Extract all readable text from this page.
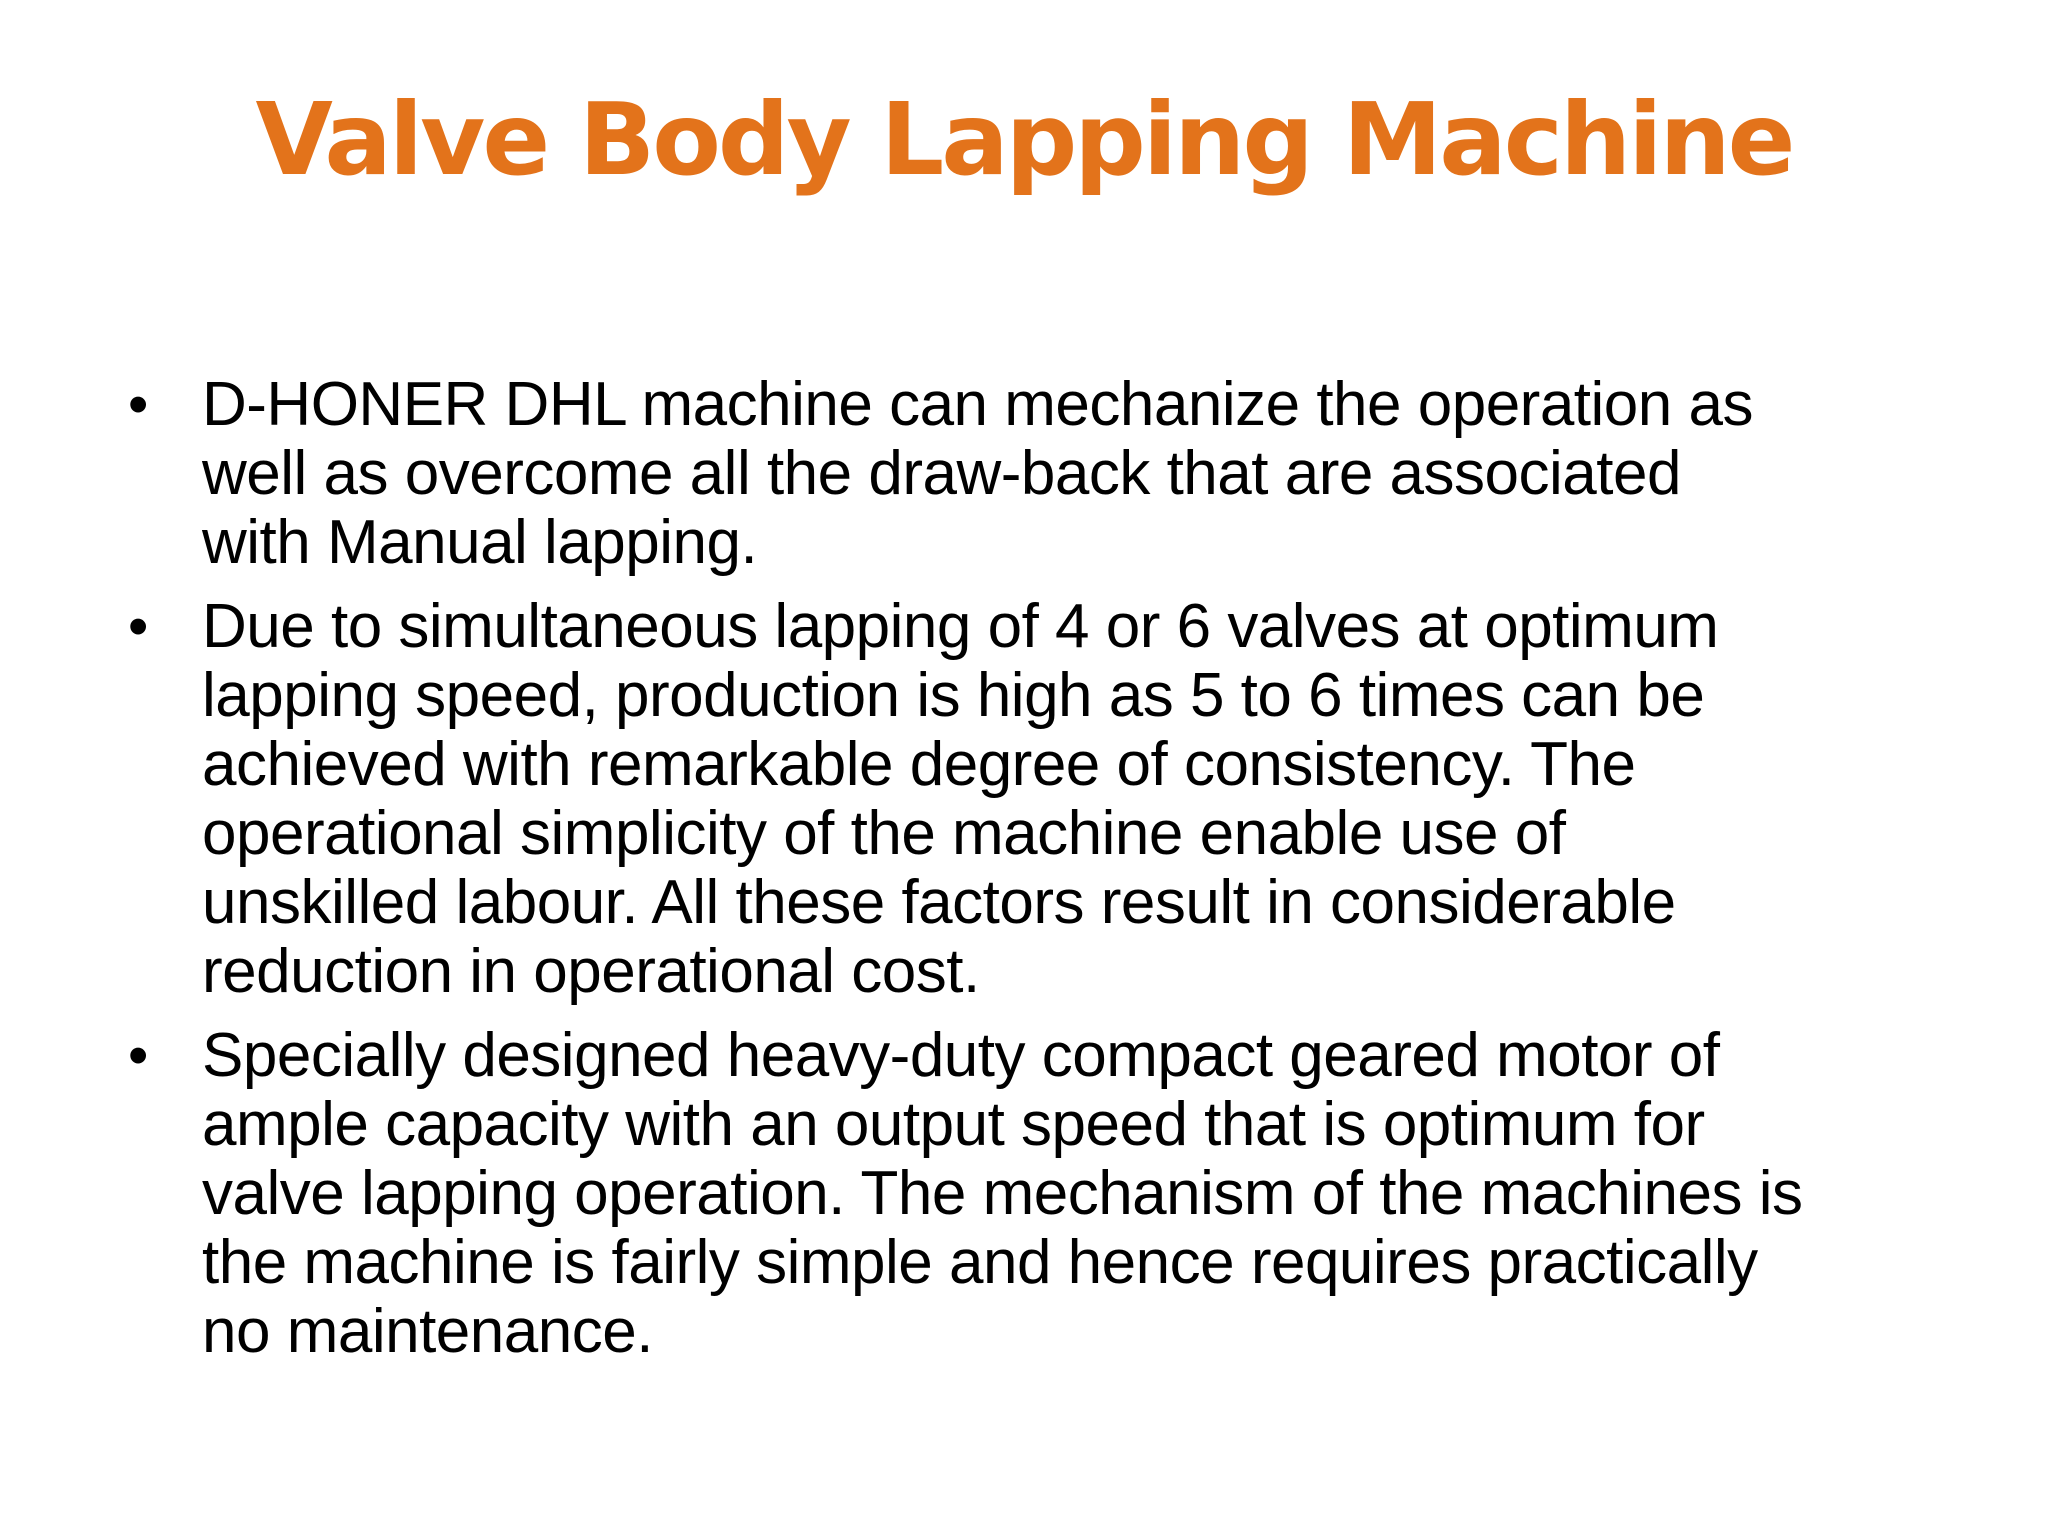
Valve Body Lapping Machine
• D-HONER DHL machine can mechanize the operation as
well as overcome all the draw-back that are associated
with Manual lapping.
• Due to simultaneous lapping of 4 or 6 valves at optimum
lapping speed, production is high as 5 to 6 times can be
achieved with remarkable degree of consistency. The
operational simplicity of the machine enable use of
unskilled labour. All these factors result in considerable
reduction in operational cost.
• Specially designed heavy-duty compact geared motor of
ample capacity with an output speed that is optimum for
valve lapping operation. The mechanism of the machines is
the machine is fairly simple and hence requires practically
no maintenance.
